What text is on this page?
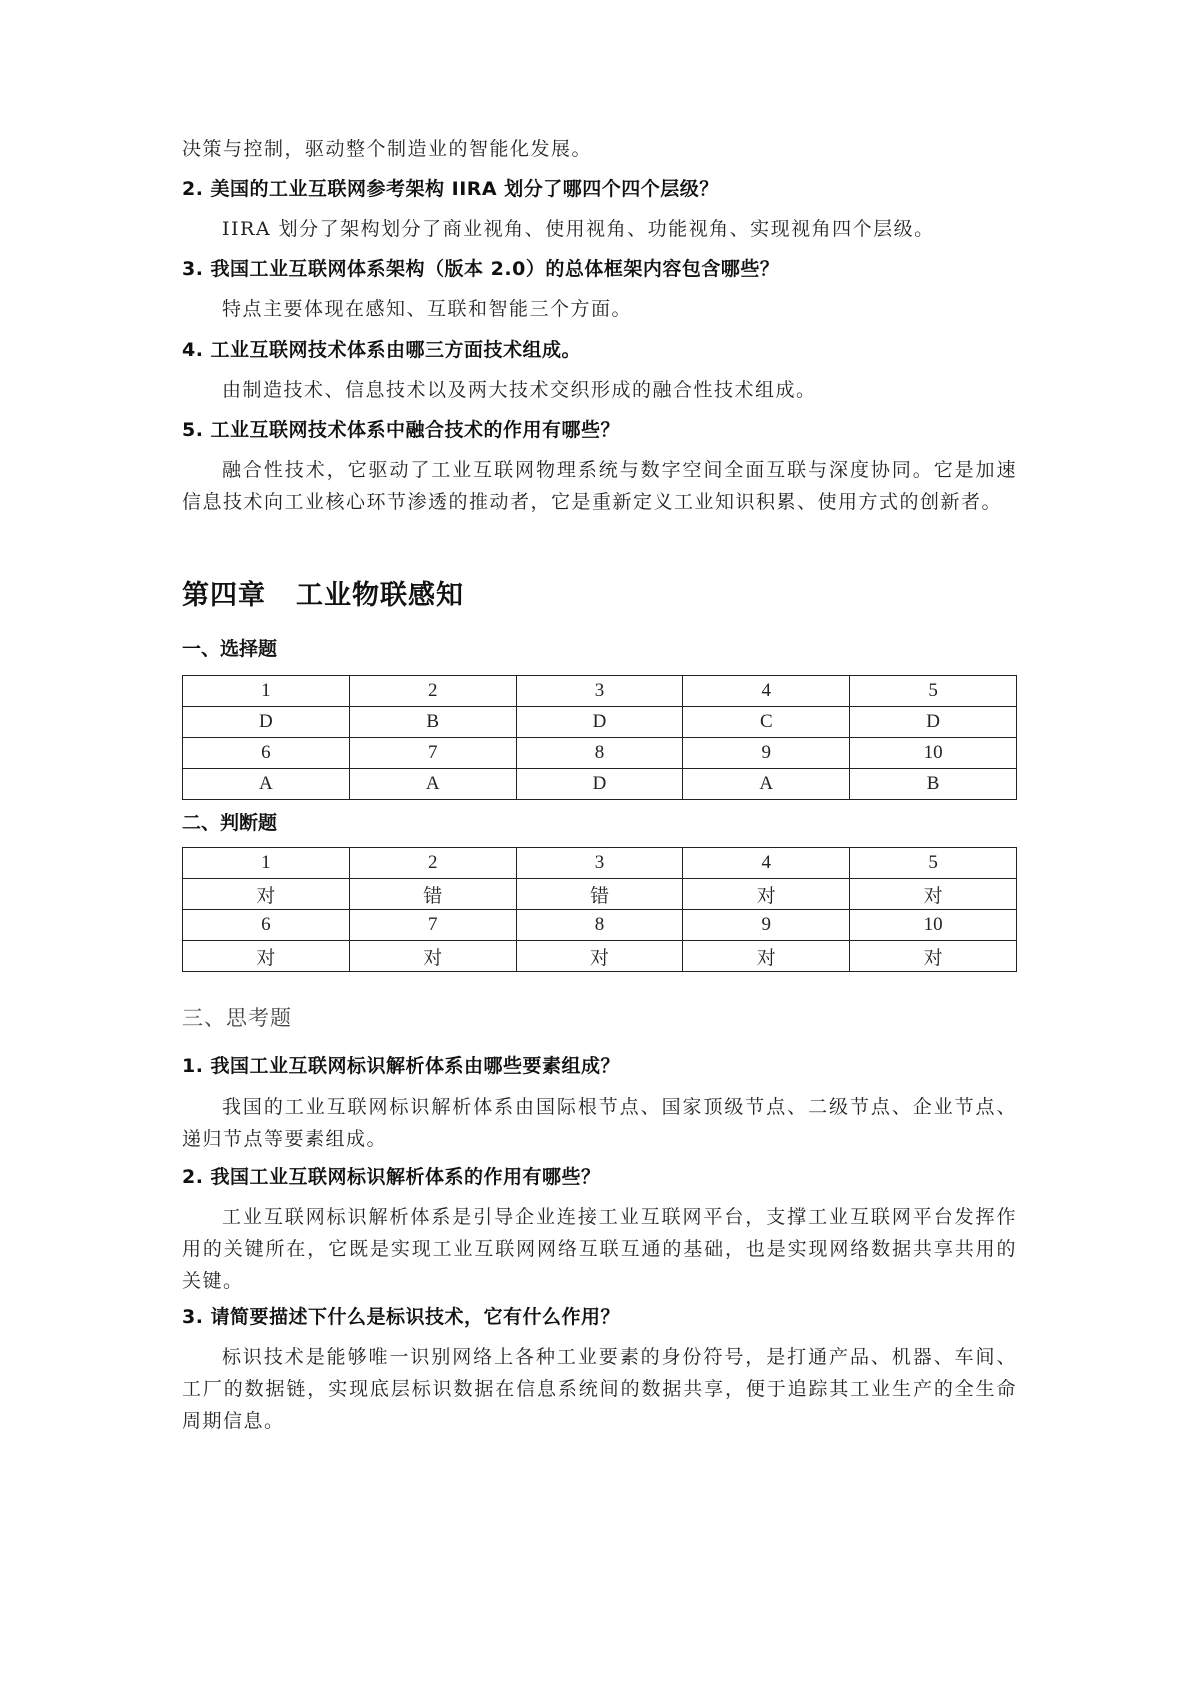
决策与控制，驱动整个制造业的智能化发展。

2. 美国的工业互联网参考架构 IIRA 划分了哪四个四个层级？

IIRA 划分了架构划分了商业视角、使用视角、功能视角、实现视角四个层级。

3. 我国工业互联网体系架构（版本 2.0）的总体框架内容包含哪些？

特点主要体现在感知、互联和智能三个方面。

4. 工业互联网技术体系由哪三方面技术组成。

由制造技术、信息技术以及两大技术交织形成的融合性技术组成。

5. 工业互联网技术体系中融合技术的作用有哪些？

融合性技术，它驱动了工业互联网物理系统与数字空间全面互联与深度协同。它是加速信息技术向工业核心环节渗透的推动者，它是重新定义工业知识积累、使用方式的创新者。

第四章 工业物联感知

一、选择题

1	2	3	4	5
D	B	D	C	D
6	7	8	9	10
A	A	D	A	B

二、判断题

1	2	3	4	5
对	错	错	对	对
6	7	8	9	10
对	对	对	对	对

三、思考题

1. 我国工业互联网标识解析体系由哪些要素组成？

我国的工业互联网标识解析体系由国际根节点、国家顶级节点、二级节点、企业节点、递归节点等要素组成。

2. 我国工业互联网标识解析体系的作用有哪些？

工业互联网标识解析体系是引导企业连接工业互联网平台，支撑工业互联网平台发挥作用的关键所在，它既是实现工业互联网网络互联互通的基础，也是实现网络数据共享共用的关键。

3. 请简要描述下什么是标识技术，它有什么作用？

标识技术是能够唯一识别网络上各种工业要素的身份符号，是打通产品、机器、车间、工厂的数据链，实现底层标识数据在信息系统间的数据共享，便于追踪其工业生产的全生命周期信息。
